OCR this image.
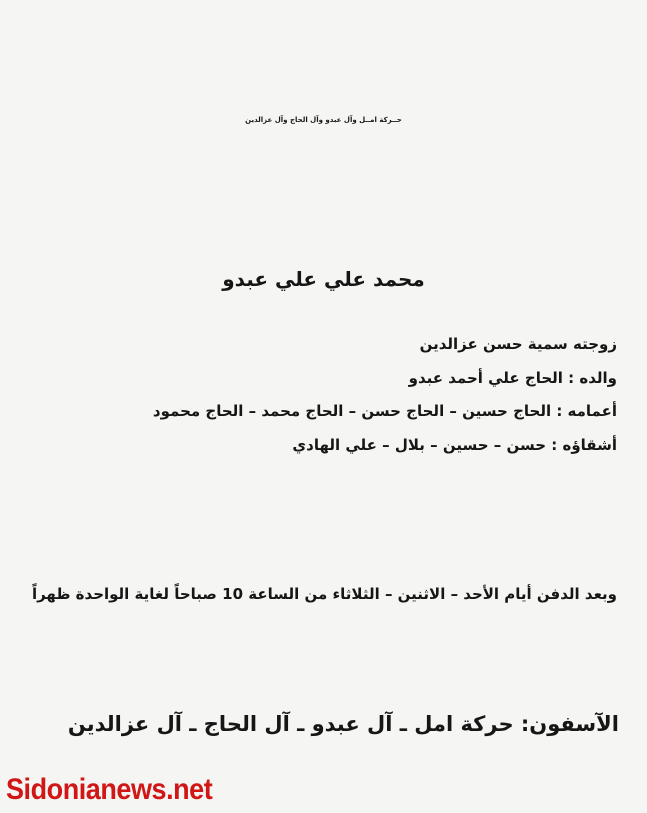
حــركة امــل وآل عبدو وآل الحاج وآل عزالدين
محمد علي علي عبدو
زوجته سمية حسن عزالدين
والده : الحاج علي أحمد عبدو
أعمامه : الحاج حسين – الحاج حسن – الحاج محمد – الحاج محمود
أشقاؤه : حسن – حسين – بلال – علي الهادي
وبعد الدفن أيام الأحد – الاثنين – الثلاثاء من الساعة 10 صباحاً لغاية الواحدة ظهراً
الآسفون: حركة امل ـ آل عبدو ـ آل الحاج ـ آل عزالدين
Sidonianews.net
